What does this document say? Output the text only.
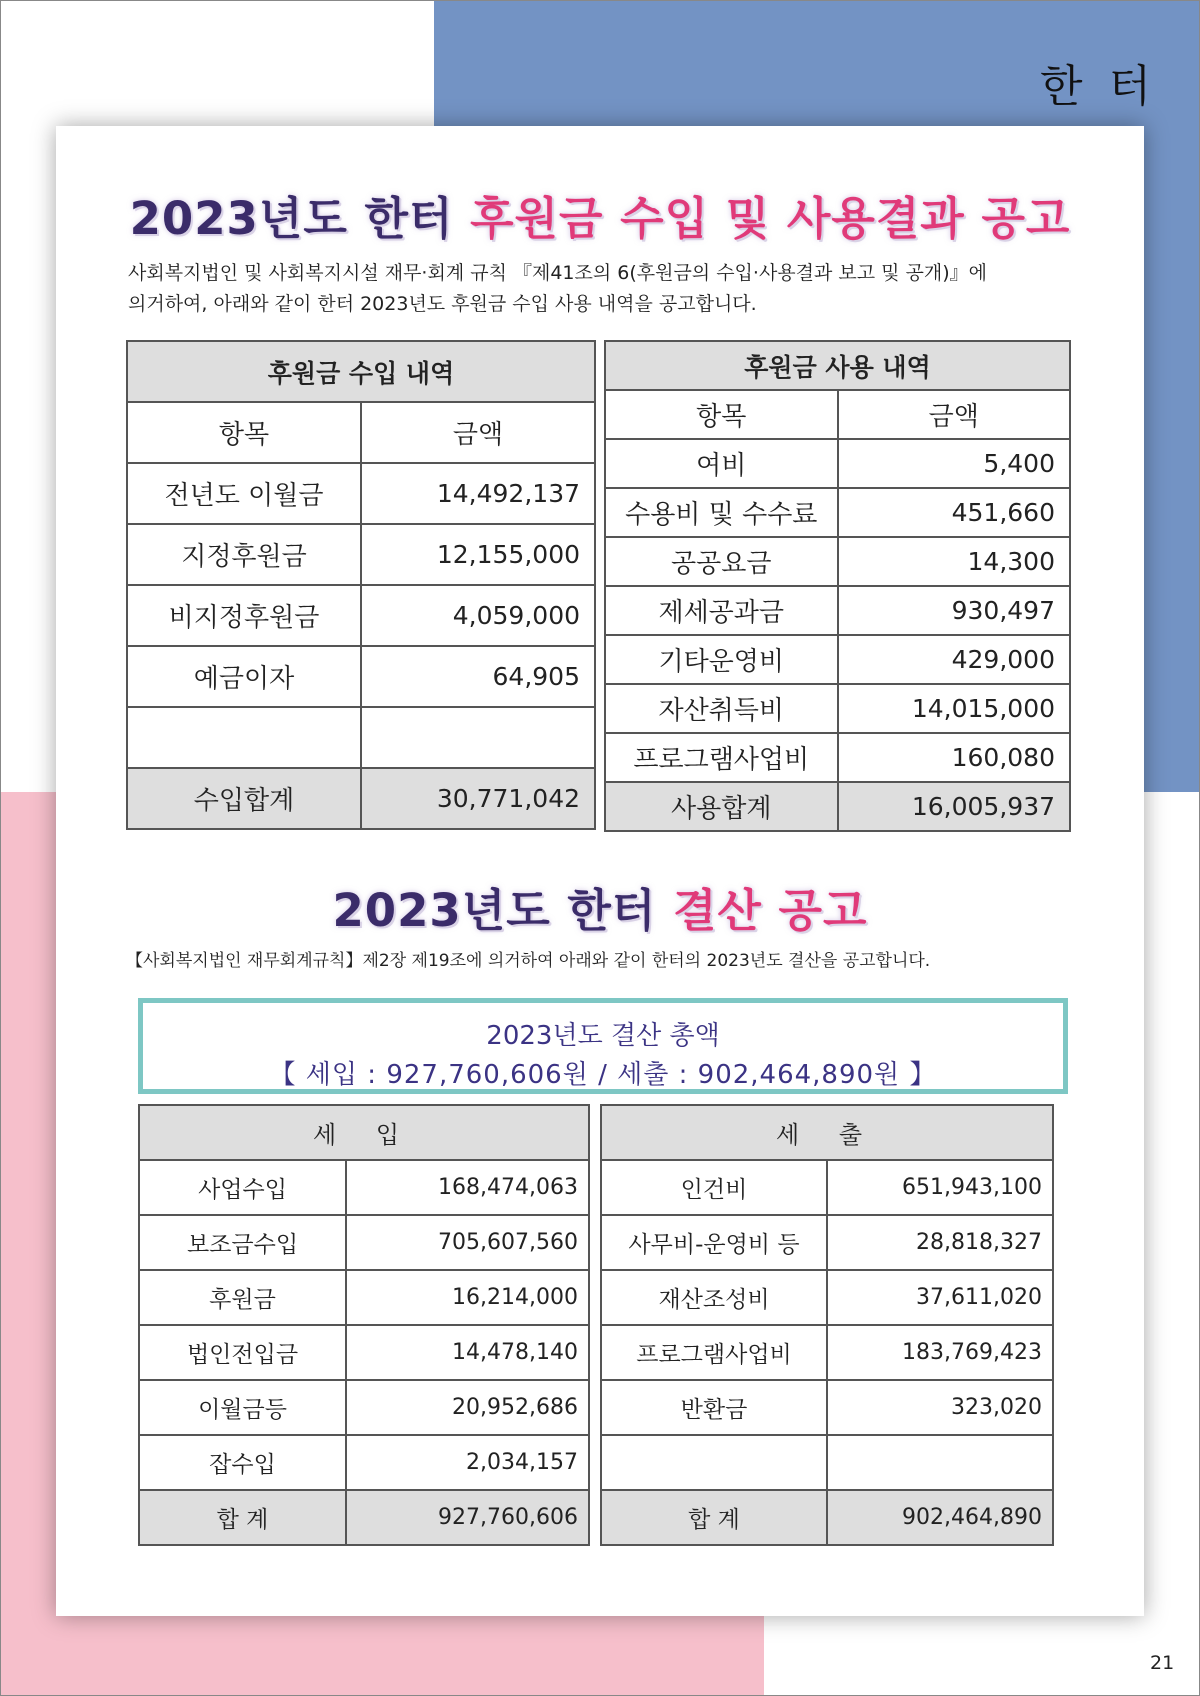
한 터
2023년도 한터 후원금 수입 및 사용결과 공고

사회복지법인 및 사회복지시설 재무·회계 규칙 『제41조의 6(후원금의 수입·사용결과 보고 및 공개)』에

의거하여, 아래와 같이 한터 2023년도 후원금 수입 사용 내역을 공고합니다.

후원금 수입 내역	
항목	금액
전년도 이월금	14,492,137
지정후원금	12,155,000
비지정후원금	4,059,000
예금이자	64,905

수입합계	30,771,042
후원금 사용 내역	
항목	금액
여비	5,400
수용비 및 수수료	451,660
공공요금	14,300
제세공과금	930,497
기타운영비	429,000
자산취득비	14,015,000
프로그램사업비	160,080
사용합계	16,005,937
2023년도 한터 결산 공고
【사회복지법인 재무회계규칙】제2장 제19조에 의거하여 아래와 같이 한터의 2023년도 결산을 공고합니다.
2023년도 결산 총액
【 세입 : 927,760,606원 / 세출 : 902,464,890원 】
세 입	
사업수입	168,474,063
보조금수입	705,607,560
후원금	16,214,000
법인전입금	14,478,140
이월금등	20,952,686
잡수입	2,034,157
합 계	927,760,606
세 출	
인건비	651,943,100
사무비-운영비 등	28,818,327
재산조성비	37,611,020
프로그램사업비	183,769,423
반환금	323,020

합 계	902,464,890
21
